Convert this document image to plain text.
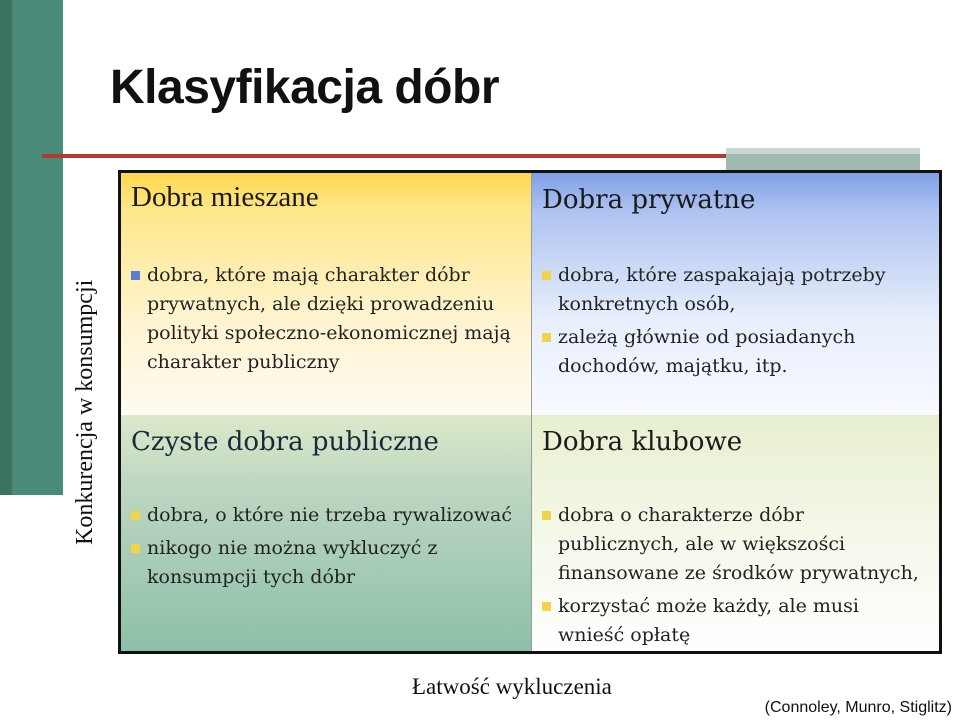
Klasyfikacja dóbr
Dobra mieszane
dobra, które mają charakter dóbr prywatnych, ale dzięki prowadzeniu polityki społeczno-ekonomicznej mają charakter publiczny
Dobra prywatne
dobra, które zaspakajają potrzeby konkretnych osób,
zależą głównie od posiadanych dochodów, majątku, itp.
Czyste dobra publiczne
dobra, o które nie trzeba rywalizować
nikogo nie można wykluczyć z konsumpcji tych dóbr
Dobra klubowe
dobra o charakterze dóbr publicznych, ale w większości finansowane ze środków prywatnych,
korzystać może każdy, ale musi wnieść opłatę
Konkurencja w konsumpcji
Łatwość wykluczenia
(Connoley, Munro, Stiglitz)
